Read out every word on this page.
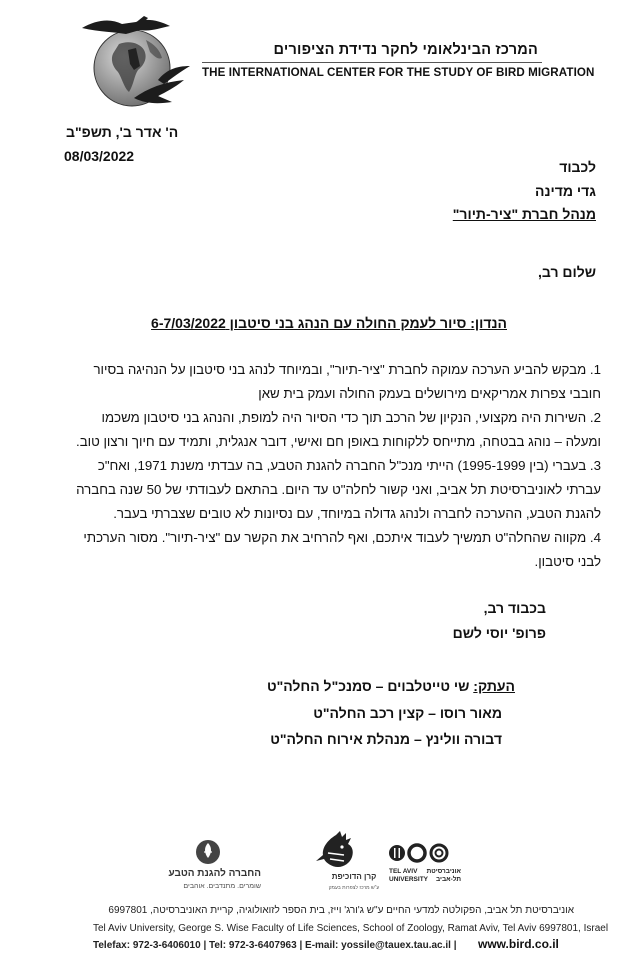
המרכז הבינלאומי לחקר נדידת הציפורים
THE INTERNATIONAL CENTER FOR THE STUDY OF BIRD MIGRATION
ה' אדר ב', תשפ"ב
08/03/2022
לכבוד
גדי מדינה
מנהל חברת "ציר-תיור"
שלום רב,
הנדון: סיור לעמק החולה עם הנהג בני סיטבון 6-7/03/2022
1. מבקש להביע הערכה עמוקה לחברת "ציר-תיור", ובמיוחד לנהג בני סיטבון על הנהיגה בסיור
חובבי צפרות אמריקאים מירושלים בעמק החולה ועמק בית שאן
2. השירות היה מקצועי, הנקיון של הרכב תוך כדי הסיור היה למופת, והנהג בני סיטבון משכמו
ומעלה – נוהג בבטחה, מתייחס ללקוחות באופן חם ואישי, דובר אנגלית, ותמיד עם חיוך ורצון טוב.
3. בעברי (בין 1995-1999) הייתי מנכ"ל החברה להגנת הטבע, בה עבדתי משנת 1971, ואח"כ
עברתי לאוניברסיטת תל אביב, ואני קשור לחלה"ט עד היום. בהתאם לעבודתי של 50 שנה בחברה
להגנת הטבע, ההערכה לחברה ולנהג גדולה במיוחד, עם נסיונות לא טובים שצברתי בעבר.
4. מקווה שהחלה"ט תמשיך לעבוד איתכם, ואף להרחיב את הקשר עם "ציר-תיור". מסור הערכתי
לבני סיטבון.
בכבוד רב,
פרופ' יוסי לשם
העתק: שי טייטלבוים – סמנכ"ל החלה"ט
מאור רוסו – קצין רכב החלה"ט
דבורה וולינץ – מנהלת אירוח החלה"ט
החברה להגנת הטבע
שומרים. מתנדבים. אוהבים
קרן הדוכיפת
ע"ש מרכז לצפרות בעמק
TEL AVIV
UNIVERSITY
אוניברסיטת
תל-אביב
אוניברסיטת תל אביב, הפקולטה למדעי החיים ע"ש ג'ורג' וייז, בית הספר לזואולוגיה, קריית האוניברסיטה, 6997801
Tel Aviv University, George S. Wise Faculty of Life Sciences, School of Zoology, Ramat Aviv, Tel Aviv 6997801, Israel
Telefax: 972-3-6406010 | Tel: 972-3-6407963 | E-mail: yossile@tauex.tau.ac.il | www.bird.co.il
